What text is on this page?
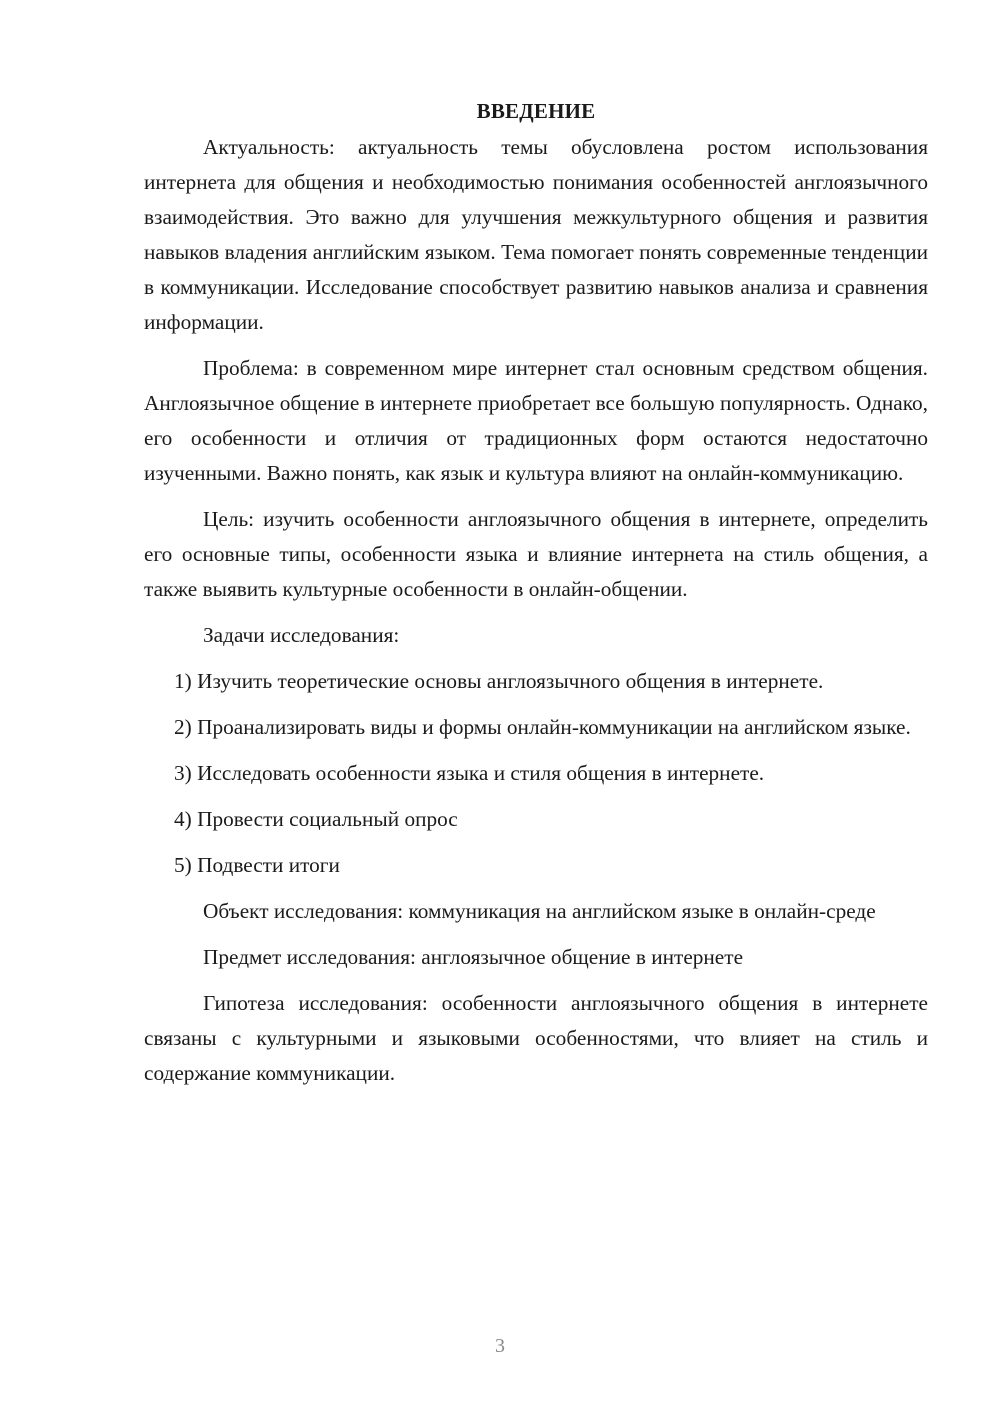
ВВЕДЕНИЕ

Актуальность: актуальность темы обусловлена ростом использования интернета для общения и необходимостью понимания особенностей англоязычного взаимодействия. Это важно для улучшения межкультурного общения и развития навыков владения английским языком. Тема помогает понять современные тенденции в коммуникации. Исследование способствует развитию навыков анализа и сравнения информации.

Проблема: в современном мире интернет стал основным средством общения. Англоязычное общение в интернете приобретает все большую популярность. Однако, его особенности и отличия от традиционных форм остаются недостаточно изученными. Важно понять, как язык и культура влияют на онлайн-коммуникацию.

Цель: изучить особенности англоязычного общения в интернете, определить его основные типы, особенности языка и влияние интернета на стиль общения, а также выявить культурные особенности в онлайн-общении.

Задачи исследования:

1) Изучить теоретические основы англоязычного общения в интернете.

2) Проанализировать виды и формы онлайн-коммуникации на английском языке.

3) Исследовать особенности языка и стиля общения в интернете.

4) Провести социальный опрос

5) Подвести итоги

Объект исследования: коммуникация на английском языке в онлайн-среде

Предмет исследования: англоязычное общение в интернете

Гипотеза исследования: особенности англоязычного общения в интернете связаны с культурными и языковыми особенностями, что влияет на стиль и содержание коммуникации.

3
